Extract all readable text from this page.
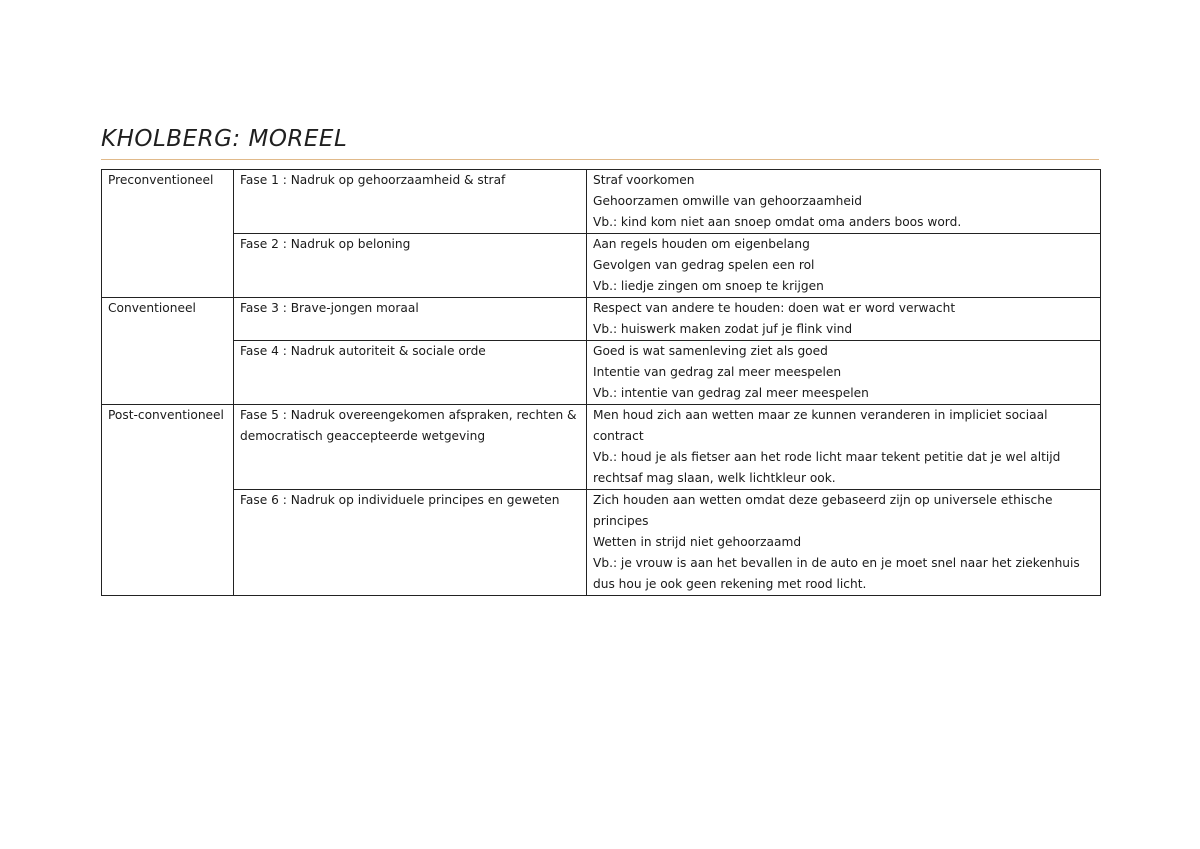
KHOLBERG: MOREEL
Preconventioneel	Fase 1 : Nadruk op gehoorzaamheid & straf	Straf voorkomen
Gehoorzamen omwille van gehoorzaamheid
Vb.: kind kom niet aan snoep omdat oma anders boos word.

	Fase 2 : Nadruk op beloning	Aan regels houden om eigenbelang
Gevolgen van gedrag spelen een rol
Vb.: liedje zingen om snoep te krijgen

Conventioneel	Fase 3 : Brave-jongen moraal	Respect van andere te houden: doen wat er word verwacht
Vb.: huiswerk maken zodat juf je flink vind

	Fase 4 : Nadruk autoriteit & sociale orde	Goed is wat samenleving ziet als goed
Intentie van gedrag zal meer meespelen
Vb.: intentie van gedrag zal meer meespelen

Post-conventioneel	Fase 5 : Nadruk overeengekomen afspraken, rechten & democratisch geaccepteerde wetgeving	Men houd zich aan wetten maar ze kunnen veranderen in impliciet sociaal contract
Vb.: houd je als fietser aan het rode licht maar tekent petitie dat je wel altijd rechtsaf mag slaan, welk lichtkleur ook.

	Fase 6 : Nadruk op individuele principes en geweten	Zich houden aan wetten omdat deze gebaseerd zijn op universele ethische principes
Wetten in strijd niet gehoorzaamd
Vb.: je vrouw is aan het bevallen in de auto en je moet snel naar het ziekenhuis dus hou je ook geen rekening met rood licht.
